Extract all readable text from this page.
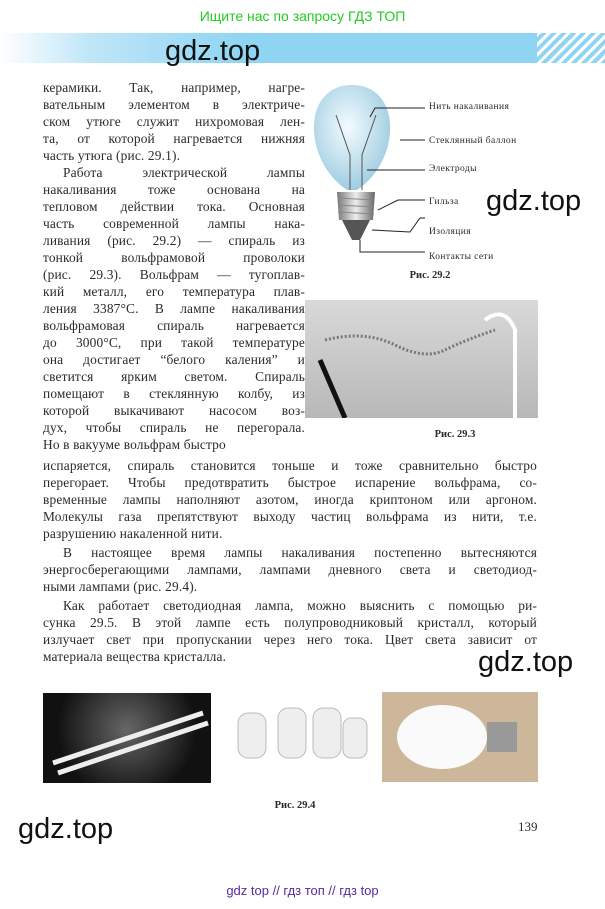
Ищите нас по запросу ГДЗ ТОП
gdz.top
gdz.top
gdz.top
gdz.top
керамики. Так, например, нагре-
вательным элементом в электриче-
ском утюге служит нихромовая лен-
та, от которой нагревается нижняя
часть утюга (рис. 29.1).
Работа электрической лампы
накаливания тоже основана на
тепловом действии тока. Основная
часть современной лампы нака-
ливания (рис. 29.2) — спираль из
тонкой вольфрамовой проволоки
(рис. 29.3). Вольфрам — тугоплав-
кий металл, его температура плав-
ления 3387°С. В лампе накаливания
вольфрамовая спираль нагревается
до 3000°С, при такой температуре
она достигает “белого каления” и
светится ярким светом. Спираль
помещают в стеклянную колбу, из
которой выкачивают насосом воз-
дух, чтобы спираль не перегорала.
Но в вакууме вольфрам быстро
испаряется, спираль становится тоньше и тоже сравнительно быстро
перегорает. Чтобы предотвратить быстрое испарение вольфрама, со-
временные лампы наполняют азотом, иногда криптоном или аргоном.
Молекулы газа препятствуют выходу частиц вольфрама из нити, т.е.
разрушению накаленной нити.
В настоящее время лампы накаливания постепенно вытесняются
энергосберегающими лампами, лампами дневного света и светодиод-
ными лампами (рис. 29.4).
Как работает светодиодная лампа, можно выяснить с помощью ри-
сунка 29.5. В этой лампе есть полупроводниковый кристалл, который
излучает свет при пропускании через него тока. Цвет света зависит от
материала вещества кристалла.
Нить накаливания
Стеклянный баллон
Электроды
Гильза
Изоляция
Контакты сети
Рис. 29.2
Рис. 29.3
Рис. 29.4
139
gdz top // гдз топ // гдз top
